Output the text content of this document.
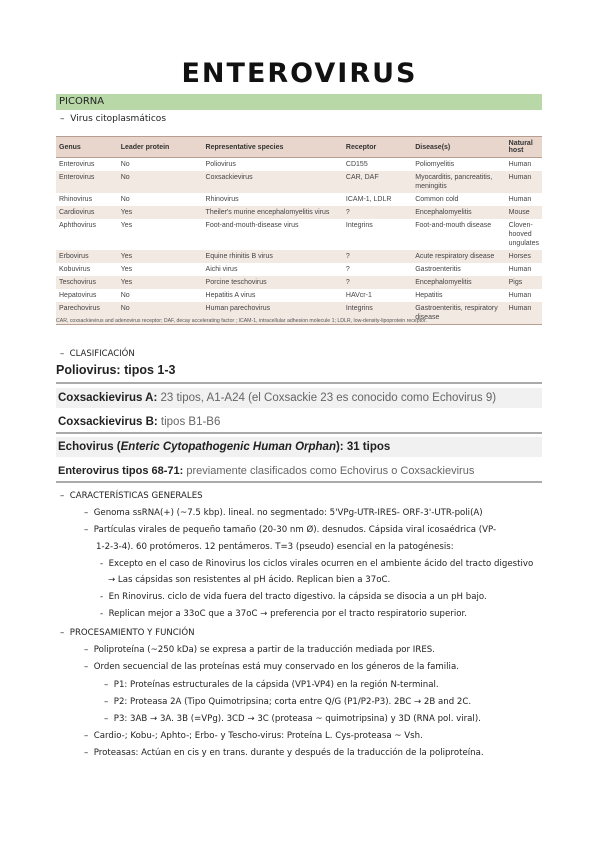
ENTEROVIRUS
PICORNA
–  Virus citoplasmáticos
Genus	Leader protein	Representative species	Receptor	Disease(s)	Natural host
Enterovirus	No	Poliovirus	CD155	Poliomyelitis	Human
Enterovirus	No	Coxsackievirus	CAR, DAF	Myocarditis, pancreatitis, meningitis	Human
Rhinovirus	No	Rhinovirus	ICAM-1, LDLR	Common cold	Human
Cardiovirus	Yes	Theiler's murine encephalomyelitis virus	?	Encephalomyelitis	Mouse
Aphthovirus	Yes	Foot-and-mouth-disease virus	Integrins	Foot-and-mouth disease	Cloven-hooved ungulates
Erbovirus	Yes	Equine rhinitis B virus	?	Acute respiratory disease	Horses
Kobuvirus	Yes	Aichi virus	?	Gastroenteritis	Human
Teschovirus	Yes	Porcine teschovirus	?	Encephalomyelitis	Pigs
Hepatovirus	No	Hepatitis A virus	HAVcr-1	Hepatitis	Human
Parechovirus	No	Human parechovirus	Integrins	Gastroenteritis, respiratory disease	Human
CAR, coxsackievirus and adenovirus receptor; DAF, decay accelerating factor ; ICAM-1, intracellular adhesion molecule 1; LDLR, low-density-lipoprotein receptor.
–  CLASIFICACIÓN
Poliovirus: tipos 1-3
Coxsackievirus A: 23 tipos, A1-A24 (el Coxsackie 23 es conocido como Echovirus 9)
Coxsackievirus B: tipos B1-B6
Echovirus (Enteric Cytopathogenic Human Orphan): 31 tipos
Enterovirus tipos 68-71: previamente clasificados como Echovirus o Coxsackievirus
–  CARACTERÍSTICAS GENERALES
–  Genoma ssRNA(+) (~7.5 kbp). lineal. no segmentado: 5'VPg-UTR-IRES- ORF-3'-UTR-poli(A)
–  Partículas virales de pequeño tamaño (20-30 nm Ø). desnudos. Cápsida viral icosaédrica (VP-
1-2-3-4). 60 protómeros. 12 pentámeros. T=3 (pseudo) esencial en la patogénesis:
-  Excepto en el caso de Rinovirus los ciclos virales ocurren en el ambiente ácido del tracto digestivo
→ Las cápsidas son resistentes al pH ácido. Replican bien a 37oC.
-  En Rinovirus. ciclo de vida fuera del tracto digestivo. la cápsida se disocia a un pH bajo.
-  Replican mejor a 33oC que a 37oC → preferencia por el tracto respiratorio superior.
–  PROCESAMIENTO Y FUNCIÓN
–  Poliproteína (~250 kDa) se expresa a partir de la traducción mediada por IRES.
–  Orden secuencial de las proteínas está muy conservado en los géneros de la familia.
–  P1: Proteínas estructurales de la cápsida (VP1-VP4) en la región N-terminal.
–  P2: Proteasa 2A (Tipo Quimotripsina; corta entre Q/G (P1/P2-P3). 2BC → 2B and 2C.
–  P3: 3AB → 3A. 3B (=VPg). 3CD → 3C (proteasa ~ quimotripsina) y 3D (RNA pol. viral).
–  Cardio-; Kobu-; Aphto-; Erbo- y Tescho-virus: Proteína L. Cys-proteasa ~ Vsh.
–  Proteasas: Actúan en cis y en trans. durante y después de la traducción de la poliproteína.
